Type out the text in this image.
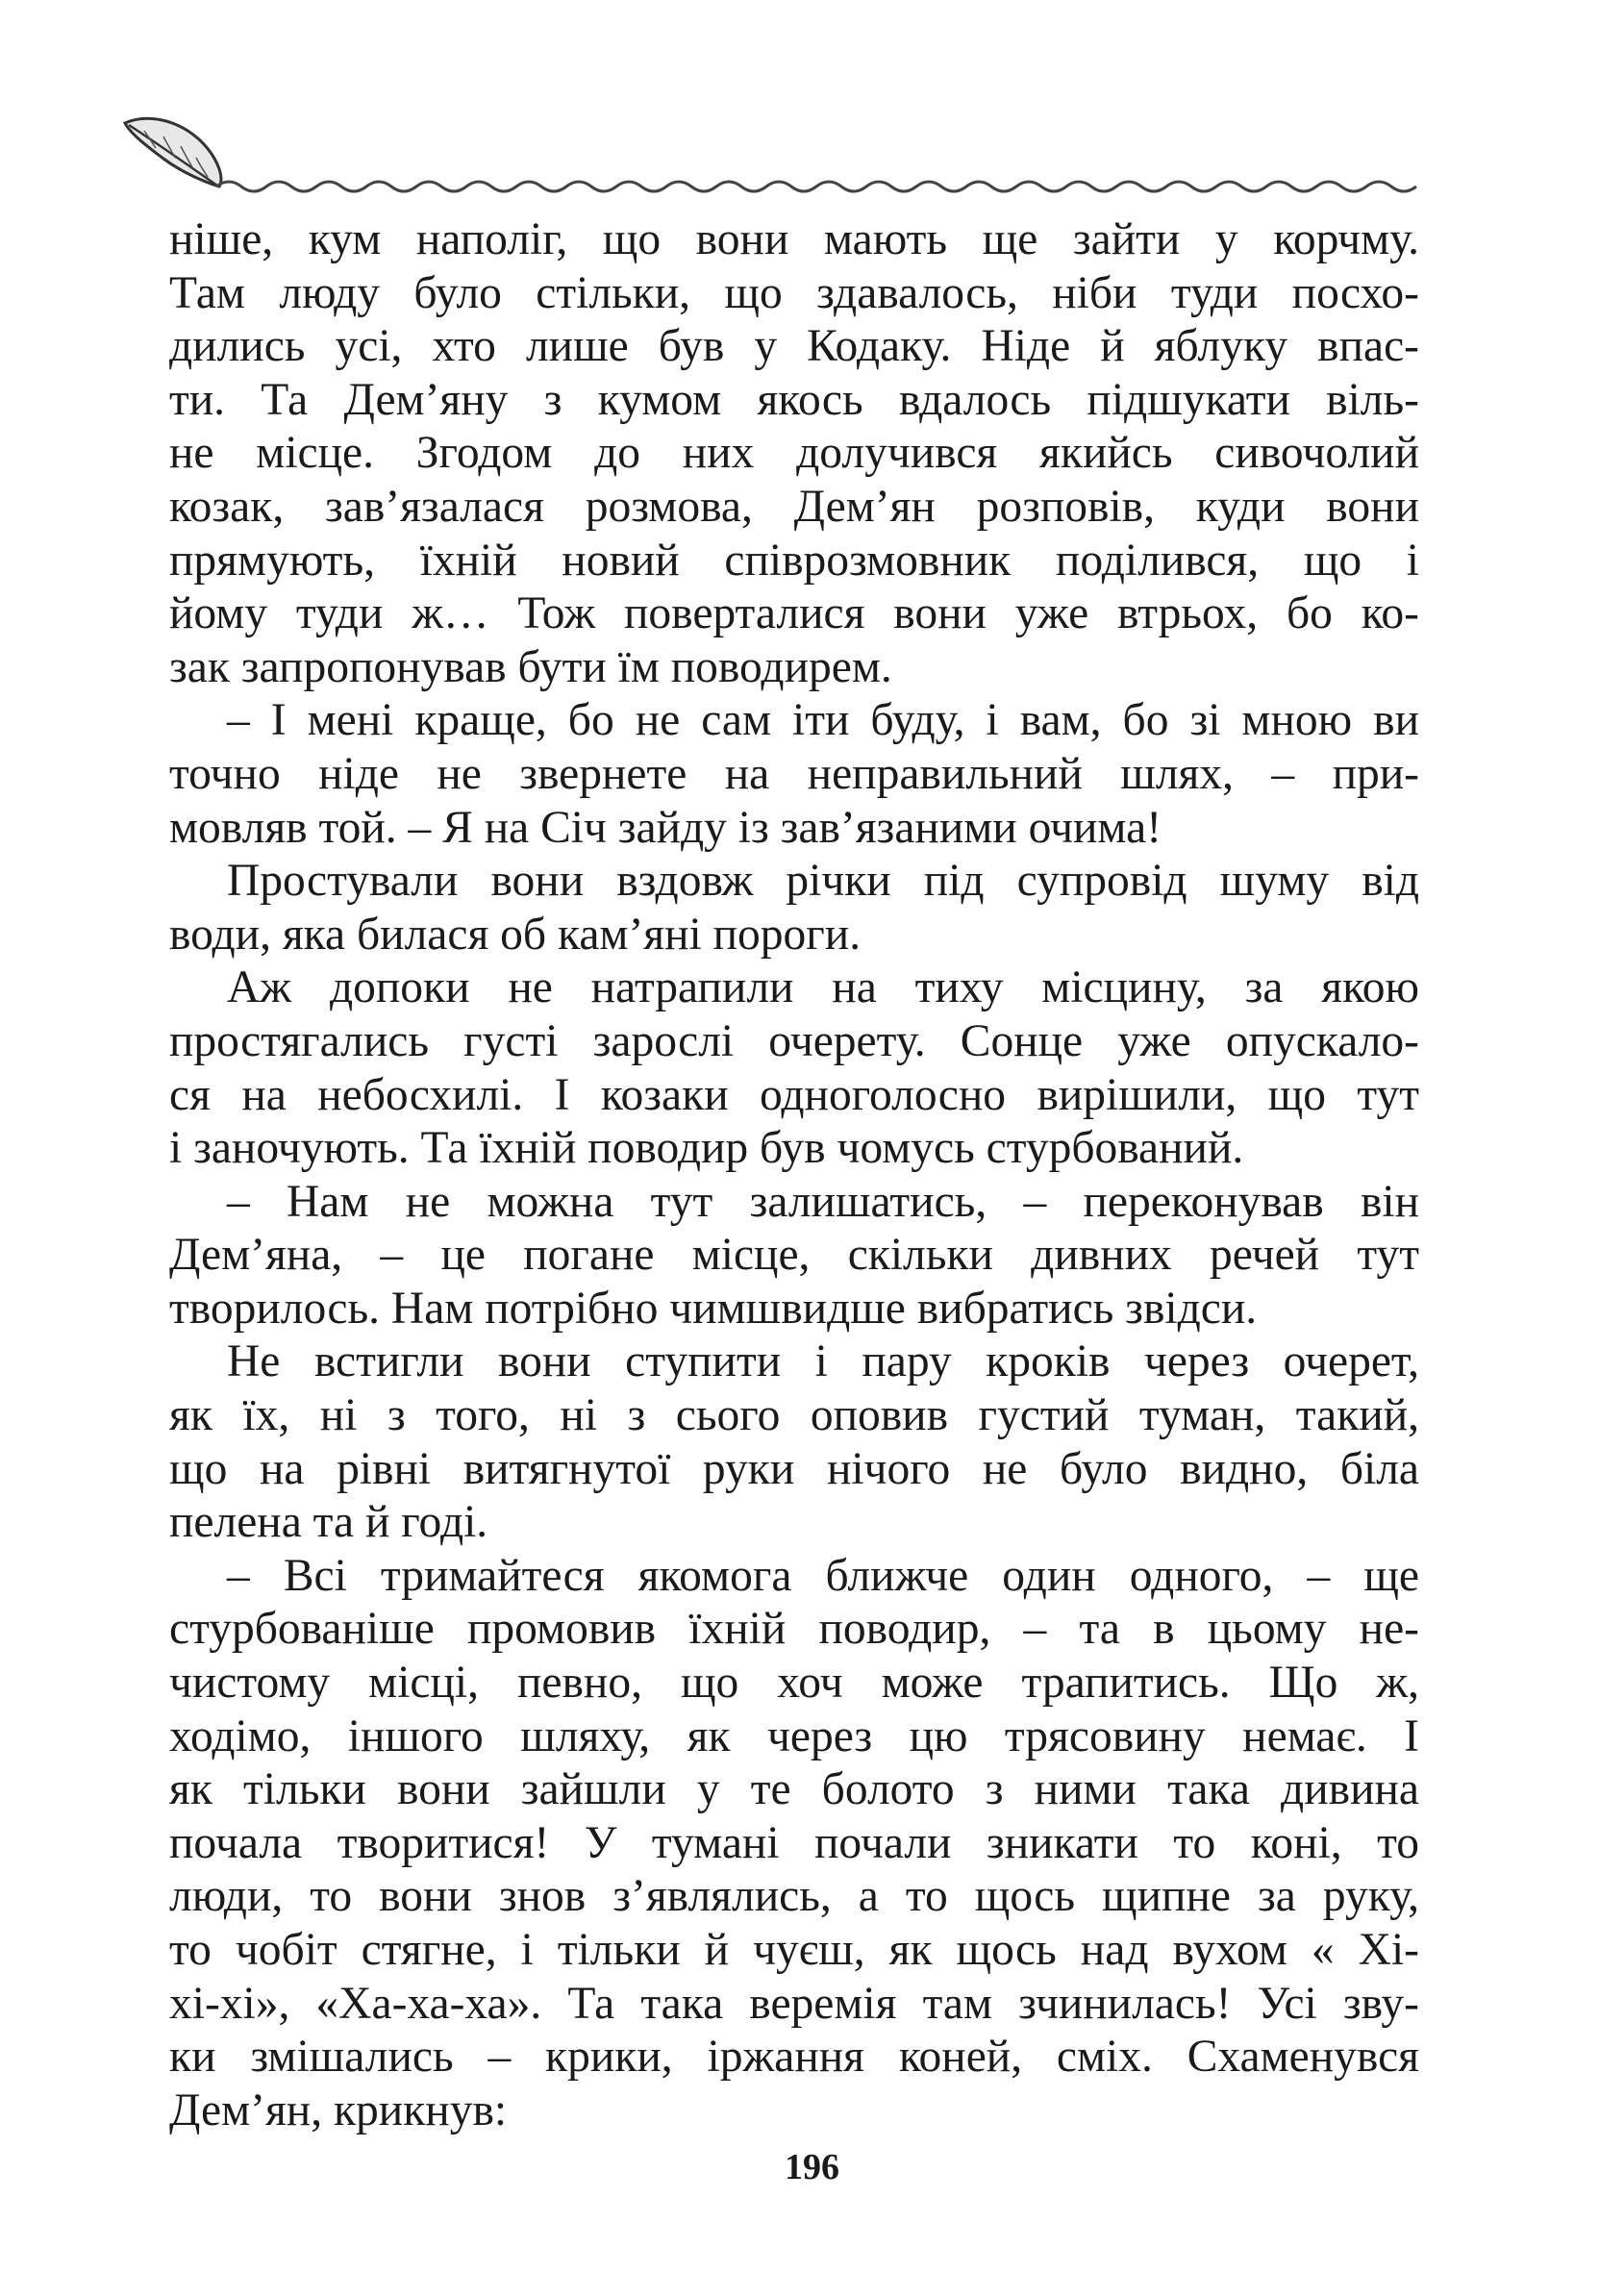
ніше, кум наполіг, що вони мають ще зайти у корчму.
Там люду було стільки, що здавалось, ніби туди посхо-
дились усі, хто лише був у Кодаку. Ніде й яблуку впас-
ти. Та Дем’яну з кумом якось вдалось підшукати віль-
не місце. Згодом до них долучився якийсь сивочолий
козак, зав’язалася розмова, Дем’ян розповів, куди вони
прямують, їхній новий співрозмовник поділився, що і
йому туди ж… Тож поверталися вони уже втрьох, бо ко-
зак запропонував бути їм поводирем.

– І мені краще, бо не сам іти буду, і вам, бо зі мною ви
точно ніде не звернете на неправильний шлях, – при-
мовляв той. – Я на Січ зайду із зав’язаними очима!

Простували вони вздовж річки під супровід шуму від
води, яка билася об кам’яні пороги.

Аж допоки не натрапили на тиху місцину, за якою
простягались густі зарослі очерету. Сонце уже опускало-
ся на небосхилі. І козаки одноголосно вирішили, що тут
і заночують. Та їхній поводир був чомусь стурбований.

– Нам не можна тут залишатись, – переконував він
Дем’яна, – це погане місце, скільки дивних речей тут
творилось. Нам потрібно чимшвидше вибратись звідси.

Не встигли вони ступити і пару кроків через очерет,
як їх, ні з того, ні з сього оповив густий туман, такий,
що на рівні витягнутої руки нічого не було видно, біла
пелена та й годі.

– Всі тримайтеся якомога ближче один одного, – ще
стурбованіше промовив їхній поводир, – та в цьому не-
чистому місці, певно, що хоч може трапитись. Що ж,
ходімо, іншого шляху, як через цю трясовину немає. І
як тільки вони зайшли у те болото з ними така дивина
почала творитися! У тумані почали зникати то коні, то
люди, то вони знов з’являлись, а то щось щипне за руку,
то чобіт стягне, і тільки й чуєш, як щось над вухом « Хі-
хі-хі», «Ха-ха-ха». Та така веремія там зчинилась! Усі зву-
ки змішались – крики, іржання коней, сміх. Схаменувся
Дем’ян, крикнув:

196
